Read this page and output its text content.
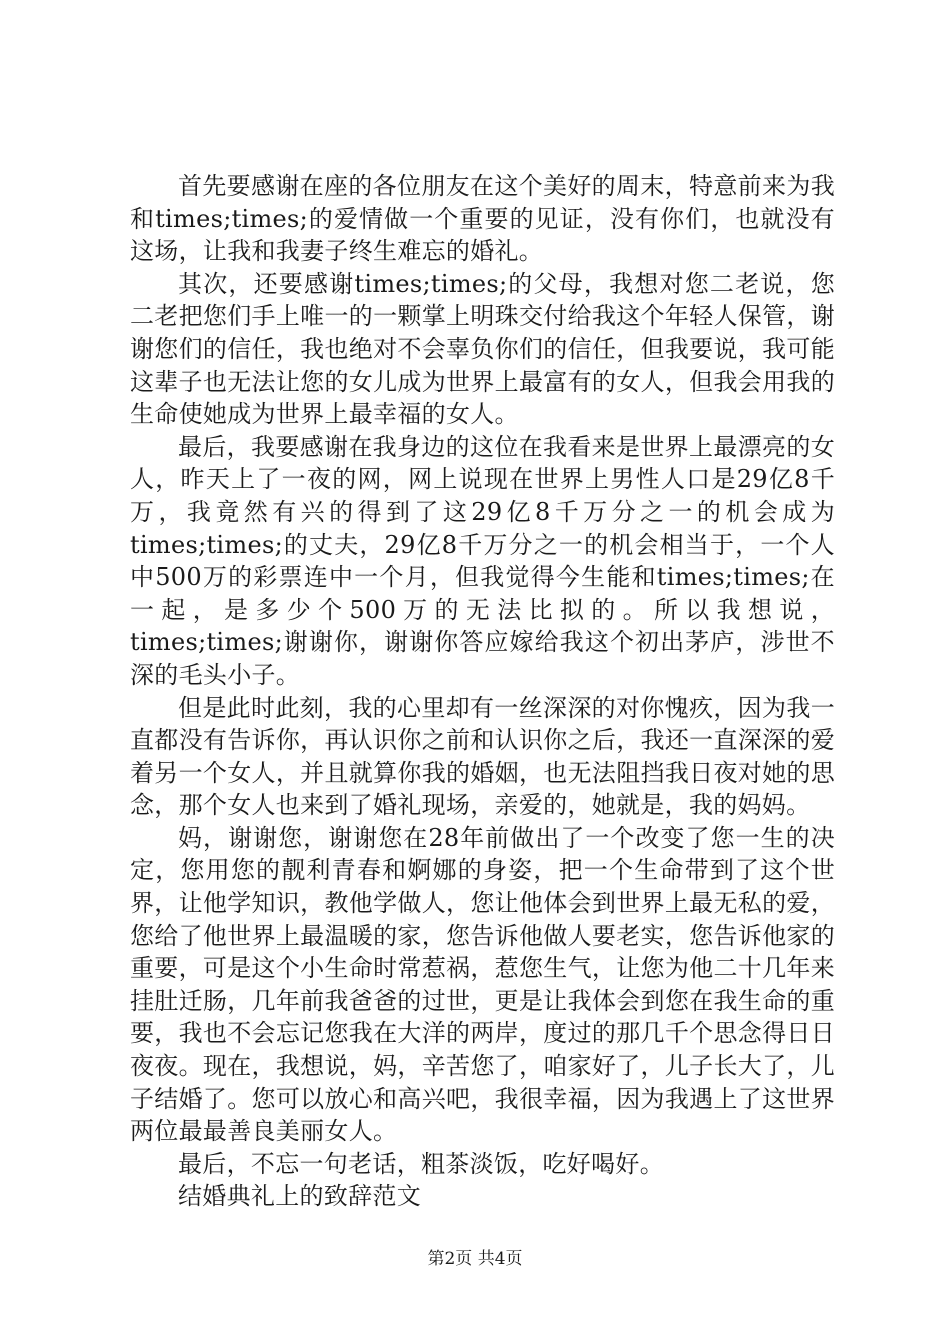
首先要感谢在座的各位朋友在这个美好的周末，特意前来为我和times;times;的爱情做一个重要的见证，没有你们，也就没有这场，让我和我妻子终生难忘的婚礼。

其次，还要感谢times;times;的父母，我想对您二老说，您二老把您们手上唯一的一颗掌上明珠交付给我这个年轻人保管，谢谢您们的信任，我也绝对不会辜负你们的信任，但我要说，我可能这辈子也无法让您的女儿成为世界上最富有的女人，但我会用我的生命使她成为世界上最幸福的女人。

最后，我要感谢在我身边的这位在我看来是世界上最漂亮的女人，昨天上了一夜的网，网上说现在世界上男性人口是29亿8千万，我竟然有兴的得到了这29亿8千万分之一的机会成为times;times;的丈夫，29亿8千万分之一的机会相当于，一个人中500万的彩票连中一个月，但我觉得今生能和times;times;在一起，是多少个500万的无法比拟的。所以我想说，times;times;谢谢你，谢谢你答应嫁给我这个初出茅庐，涉世不深的毛头小子。

但是此时此刻，我的心里却有一丝深深的对你愧疚，因为我一直都没有告诉你，再认识你之前和认识你之后，我还一直深深的爱着另一个女人，并且就算你我的婚姻，也无法阻挡我日夜对她的思念，那个女人也来到了婚礼现场，亲爱的，她就是，我的妈妈。

妈，谢谢您，谢谢您在28年前做出了一个改变了您一生的决定，您用您的靓利青春和婀娜的身姿，把一个生命带到了这个世界，让他学知识，教他学做人，您让他体会到世界上最无私的爱，您给了他世界上最温暖的家，您告诉他做人要老实，您告诉他家的重要，可是这个小生命时常惹祸，惹您生气，让您为他二十几年来挂肚迁肠，几年前我爸爸的过世，更是让我体会到您在我生命的重要，我也不会忘记您我在大洋的两岸，度过的那几千个思念得日日夜夜。现在，我想说，妈，辛苦您了，咱家好了，儿子长大了，儿子结婚了。您可以放心和高兴吧，我很幸福，因为我遇上了这世界两位最最善良美丽女人。

最后，不忘一句老话，粗茶淡饭，吃好喝好。

结婚典礼上的致辞范文

第2页 共4页
